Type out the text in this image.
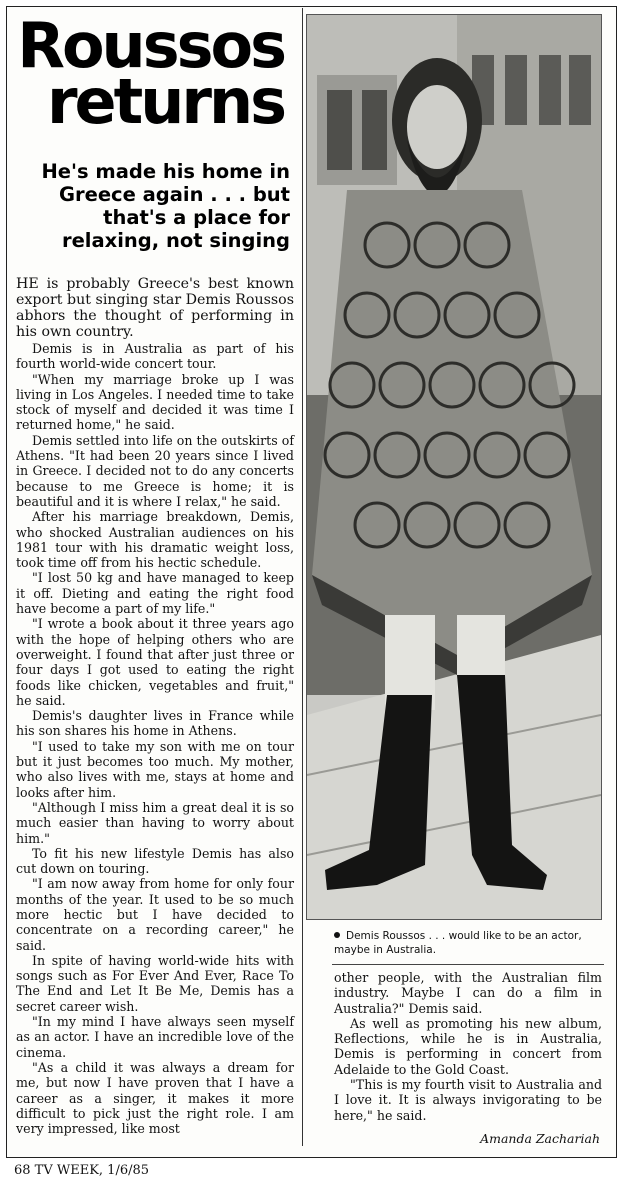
Roussos returns
He's made his home in Greece again . . . but that's a place for relaxing, not singing

HE is probably Greece's best known export but singing star Demis Roussos abhors the thought of performing in his own country.

Demis is in Australia as part of his fourth world-wide concert tour.

"When my marriage broke up I was living in Los Angeles. I needed time to take stock of myself and decided it was time I returned home," he said.

Demis settled into life on the outskirts of Athens. "It had been 20 years since I lived in Greece. I decided not to do any concerts because to me Greece is home; it is beautiful and it is where I relax," he said.

After his marriage breakdown, Demis, who shocked Australian audiences on his 1981 tour with his dramatic weight loss, took time off from his hectic schedule.

"I lost 50 kg and have managed to keep it off. Dieting and eating the right food have become a part of my life."

"I wrote a book about it three years ago with the hope of helping others who are overweight. I found that after just three or four days I got used to eating the right foods like chicken, vegetables and fruit," he said.

Demis's daughter lives in France while his son shares his home in Athens.

"I used to take my son with me on tour but it just becomes too much. My mother, who also lives with me, stays at home and looks after him.

"Although I miss him a great deal it is so much easier than having to worry about him."

To fit his new lifestyle Demis has also cut down on touring.

"I am now away from home for only four months of the year. It used to be so much more hectic but I have decided to concentrate on a recording career," he said.

In spite of having world-wide hits with songs such as For Ever And Ever, Race To The End and Let It Be Me, Demis has a secret career wish.

"In my mind I have always seen myself as an actor. I have an incredible love of the cinema.

"As a child it was always a dream for me, but now I have proven that I have a career as a singer, it makes it more difficult to pick just the right role. I am very impressed, like most

Demis Roussos . . . would like to be an actor, maybe in Australia.

other people, with the Australian film industry. Maybe I can do a film in Australia?" Demis said.

As well as promoting his new album, Reflections, while he is in Australia, Demis is performing in concert from Adelaide to the Gold Coast.

"This is my fourth visit to Australia and I love it. It is always invigorating to be here," he said.

Amanda Zachariah
68 TV WEEK, 1/6/85
